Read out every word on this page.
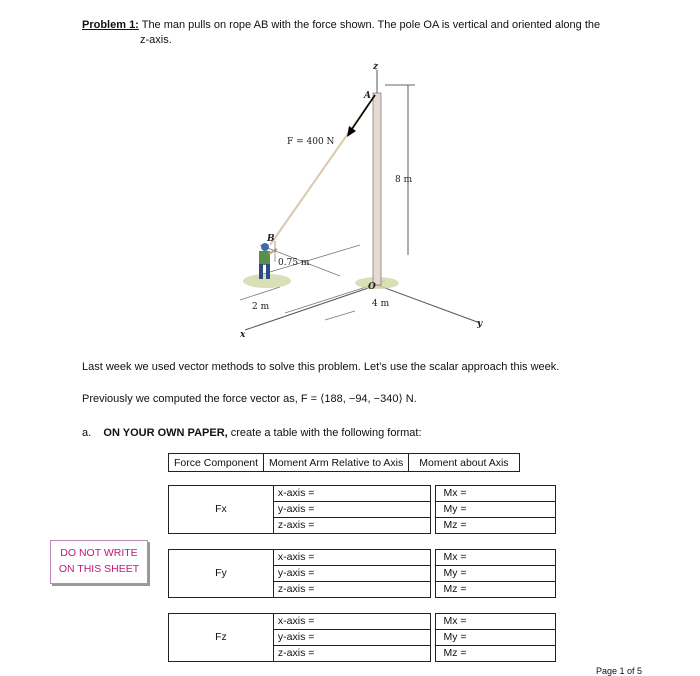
Problem 1: The man pulls on rope AB with the force shown. The pole OA is vertical and oriented along the
z-axis.
z
A
F = 400 N
8 m
B
0.75 m
O
2 m	4 m
y
x
Last week we used vector methods to solve this problem. Let’s use the scalar approach this week.
Previously we computed the force vector as, F = ⟨188, −94, −340⟩ N.
a. ON YOUR OWN PAPER, create a table with the following format:
Force Component	Moment Arm Relative to Axis	Moment about Axis
Fx	x-axis =		Mx =
	y-axis =		My =
	z-axis =		Mz =
Fy	x-axis =		Mx =
	y-axis =		My =
	z-axis =		Mz =
Fz	x-axis =		Mx =
	y-axis =		My =
	z-axis =		Mz =
DO NOT WRITE
ON THIS SHEET
Page 1 of 5
